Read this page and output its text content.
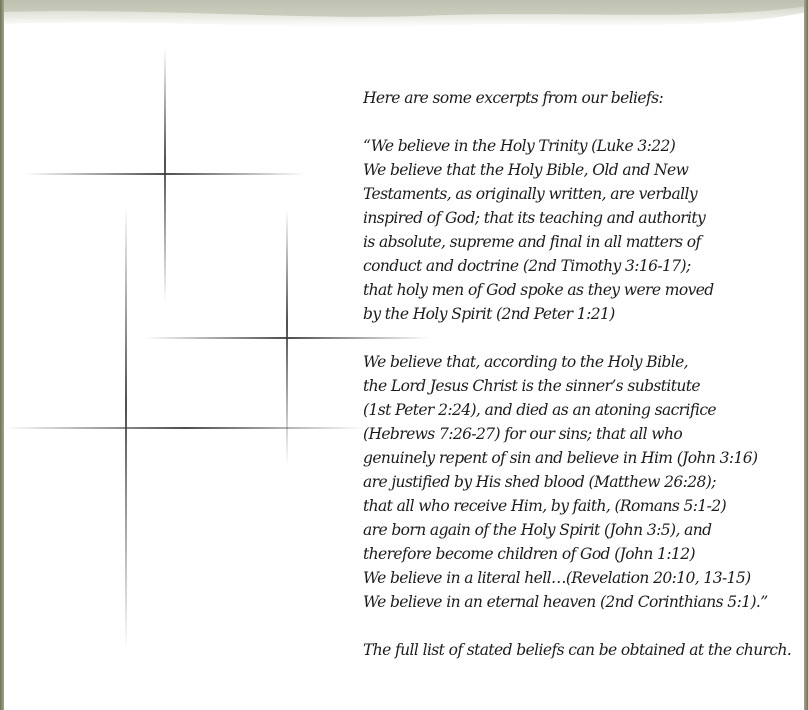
Here are some excerpts from our beliefs:
“We believe in the Holy Trinity (Luke 3:22)
We believe that the Holy Bible, Old and New
Testaments, as originally written, are verbally
inspired of God; that its teaching and authority
is absolute, supreme and final in all matters of
conduct and doctrine (2nd Timothy 3:16-17);
that holy men of God spoke as they were moved
by the Holy Spirit (2nd Peter 1:21)
We believe that, according to the Holy Bible,
the Lord Jesus Christ is the sinner’s substitute
(1st Peter 2:24), and died as an atoning sacrifice
(Hebrews 7:26-27) for our sins; that all who
genuinely repent of sin and believe in Him (John 3:16)
are justified by His shed blood (Matthew 26:28);
that all who receive Him, by faith, (Romans 5:1-2)
are born again of the Holy Spirit (John 3:5), and
therefore become children of God (John 1:12)
We believe in a literal hell…(Revelation 20:10, 13-15)
We believe in an eternal heaven (2nd Corinthians 5:1).”
The full list of stated beliefs can be obtained at the church.
